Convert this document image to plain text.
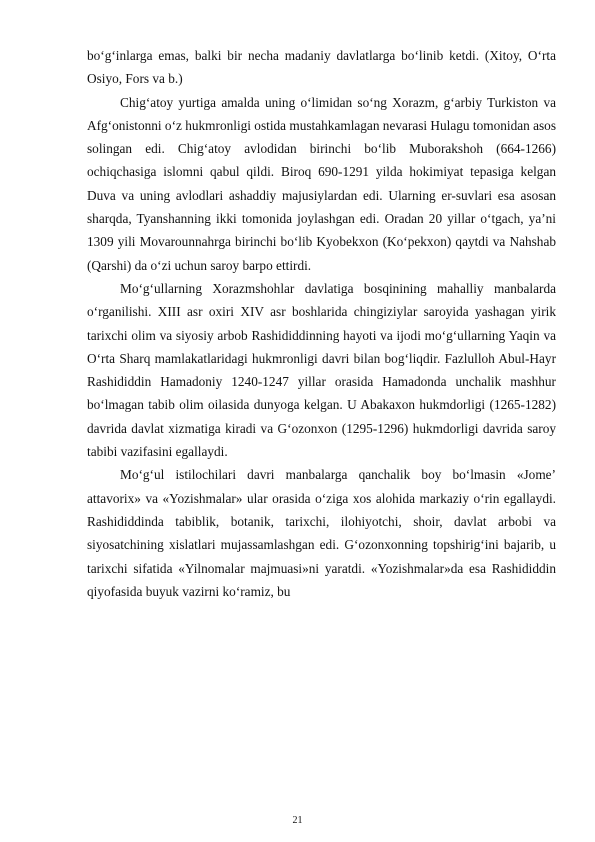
bo‘g‘inlarga emas, balki bir necha madaniy davlatlarga bo‘linib ketdi. (Xitoy, O‘rta Osiyo, Fors va b.)

Chig‘atoy yurtiga amalda uning o‘limidan so‘ng Xorazm, g‘arbiy Turkiston va Afg‘onistonni o‘z hukmronligi ostida mustahkamlagan nevarasi Hulagu tomonidan asos solingan edi. Chig‘atoy avlodidan birinchi bo‘lib Muborakshoh (664-1266) ochiqchasiga islomni qabul qildi. Biroq 690-1291 yilda hokimiyat tepasiga kelgan Duva va uning avlodlari ashaddiy majusiylardan edi. Ularning er-suvlari esa asosan sharqda, Tyanshanning ikki tomonida joylashgan edi. Oradan 20 yillar o‘tgach, ya’ni 1309 yili Movarounnahrga birinchi bo‘lib Kyobekxon (Ko‘pekxon) qaytdi va Nahshab (Qarshi) da o‘zi uchun saroy barpo ettirdi.

Mo‘g‘ullarning Xorazmshohlar davlatiga bosqinining mahalliy manbalarda o‘rganilishi. XIII asr oxiri XIV asr boshlarida chingiziylar saroyida yashagan yirik tarixchi olim va siyosiy arbob Rashididdinning hayoti va ijodi mo‘g‘ullarning Yaqin va O‘rta Sharq mamlakatlaridagi hukmronligi davri bilan bog‘liqdir. Fazlulloh Abul-Hayr Rashididdin Hamadoniy 1240-1247 yillar orasida Hamadonda unchalik mashhur bo‘lmagan tabib olim oilasida dunyoga kelgan. U Abakaxon hukmdorligi (1265-1282) davrida davlat xizmatiga kiradi va G‘ozonxon (1295-1296) hukmdorligi davrida saroy tabibi vazifasini egallaydi.

Mo‘g‘ul istilochilari davri manbalarga qanchalik boy bo‘lmasin «Jome’ attavorix» va «Yozishmalar» ular orasida o‘ziga xos alohida markaziy o‘rin egallaydi. Rashididdinda tabiblik, botanik, tarixchi, ilohiyotchi, shoir, davlat arbobi va siyosatchining xislatlari mujassamlashgan edi. G‘ozonxonning topshirig‘ini bajarib, u tarixchi sifatida «Yilnomalar majmuasi»ni yaratdi. «Yozishmalar»da esa Rashididdin qiyofasida buyuk vazirni ko‘ramiz, bu

21
